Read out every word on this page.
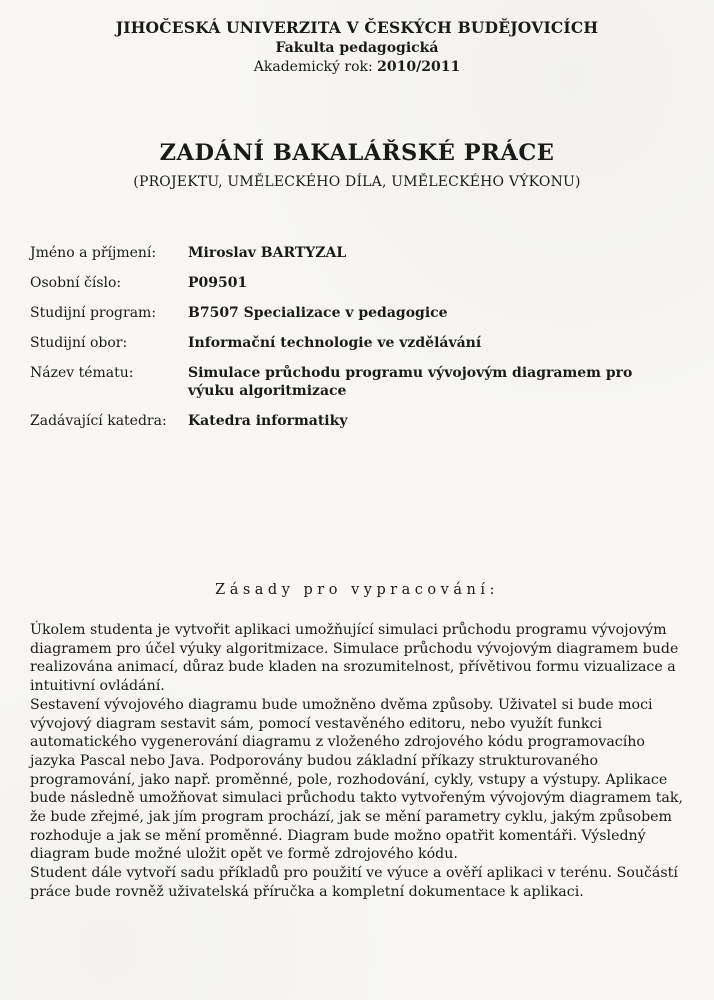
JIHOČESKÁ UNIVERZITA V ČESKÝCH BUDĚJOVICÍCH
Fakulta pedagogická
Akademický rok: 2010/2011
ZADÁNÍ BAKALÁŘSKÉ PRÁCE
(PROJEKTU, UMĚLECKÉHO DÍLA, UMĚLECKÉHO VÝKONU)
Jméno a příjmení:	Miroslav BARTYZAL
Osobní číslo:	P09501
Studijní program:	B7507 Specializace v pedagogice
Studijní obor:	Informační technologie ve vzdělávání
Název tématu:	Simulace průchodu programu vývojovým diagramem pro výuku algoritmizace
Zadávající katedra:	Katedra informatiky
Zásady pro vypracování:

Úkolem studenta je vytvořit aplikaci umožňující simulaci průchodu programu vývojovým diagramem pro účel výuky algoritmizace. Simulace průchodu vývojovým diagramem bude realizována animací, důraz bude kladen na srozumitelnost, přívětivou formu vizualizace a intuitivní ovládání.

Sestavení vývojového diagramu bude umožněno dvěma způsoby. Uživatel si bude moci vývojový diagram sestavit sám, pomocí vestavěného editoru, nebo využít funkci automatického vygenerování diagramu z vloženého zdrojového kódu programovacího jazyka Pascal nebo Java. Podporovány budou základní příkazy strukturovaného programování, jako např. proměnné, pole, rozhodování, cykly, vstupy a výstupy. Aplikace bude následně umožňovat simulaci průchodu takto vytvořeným vývojovým diagramem tak, že bude zřejmé, jak jím program prochází, jak se mění parametry cyklu, jakým způsobem rozhoduje a jak se mění proměnné. Diagram bude možno opatřit komentáři. Výsledný diagram bude možné uložit opět ve formě zdrojového kódu.

Student dále vytvoří sadu příkladů pro použití ve výuce a ověří aplikaci v terénu. Součástí práce bude rovněž uživatelská příručka a kompletní dokumentace k aplikaci.
